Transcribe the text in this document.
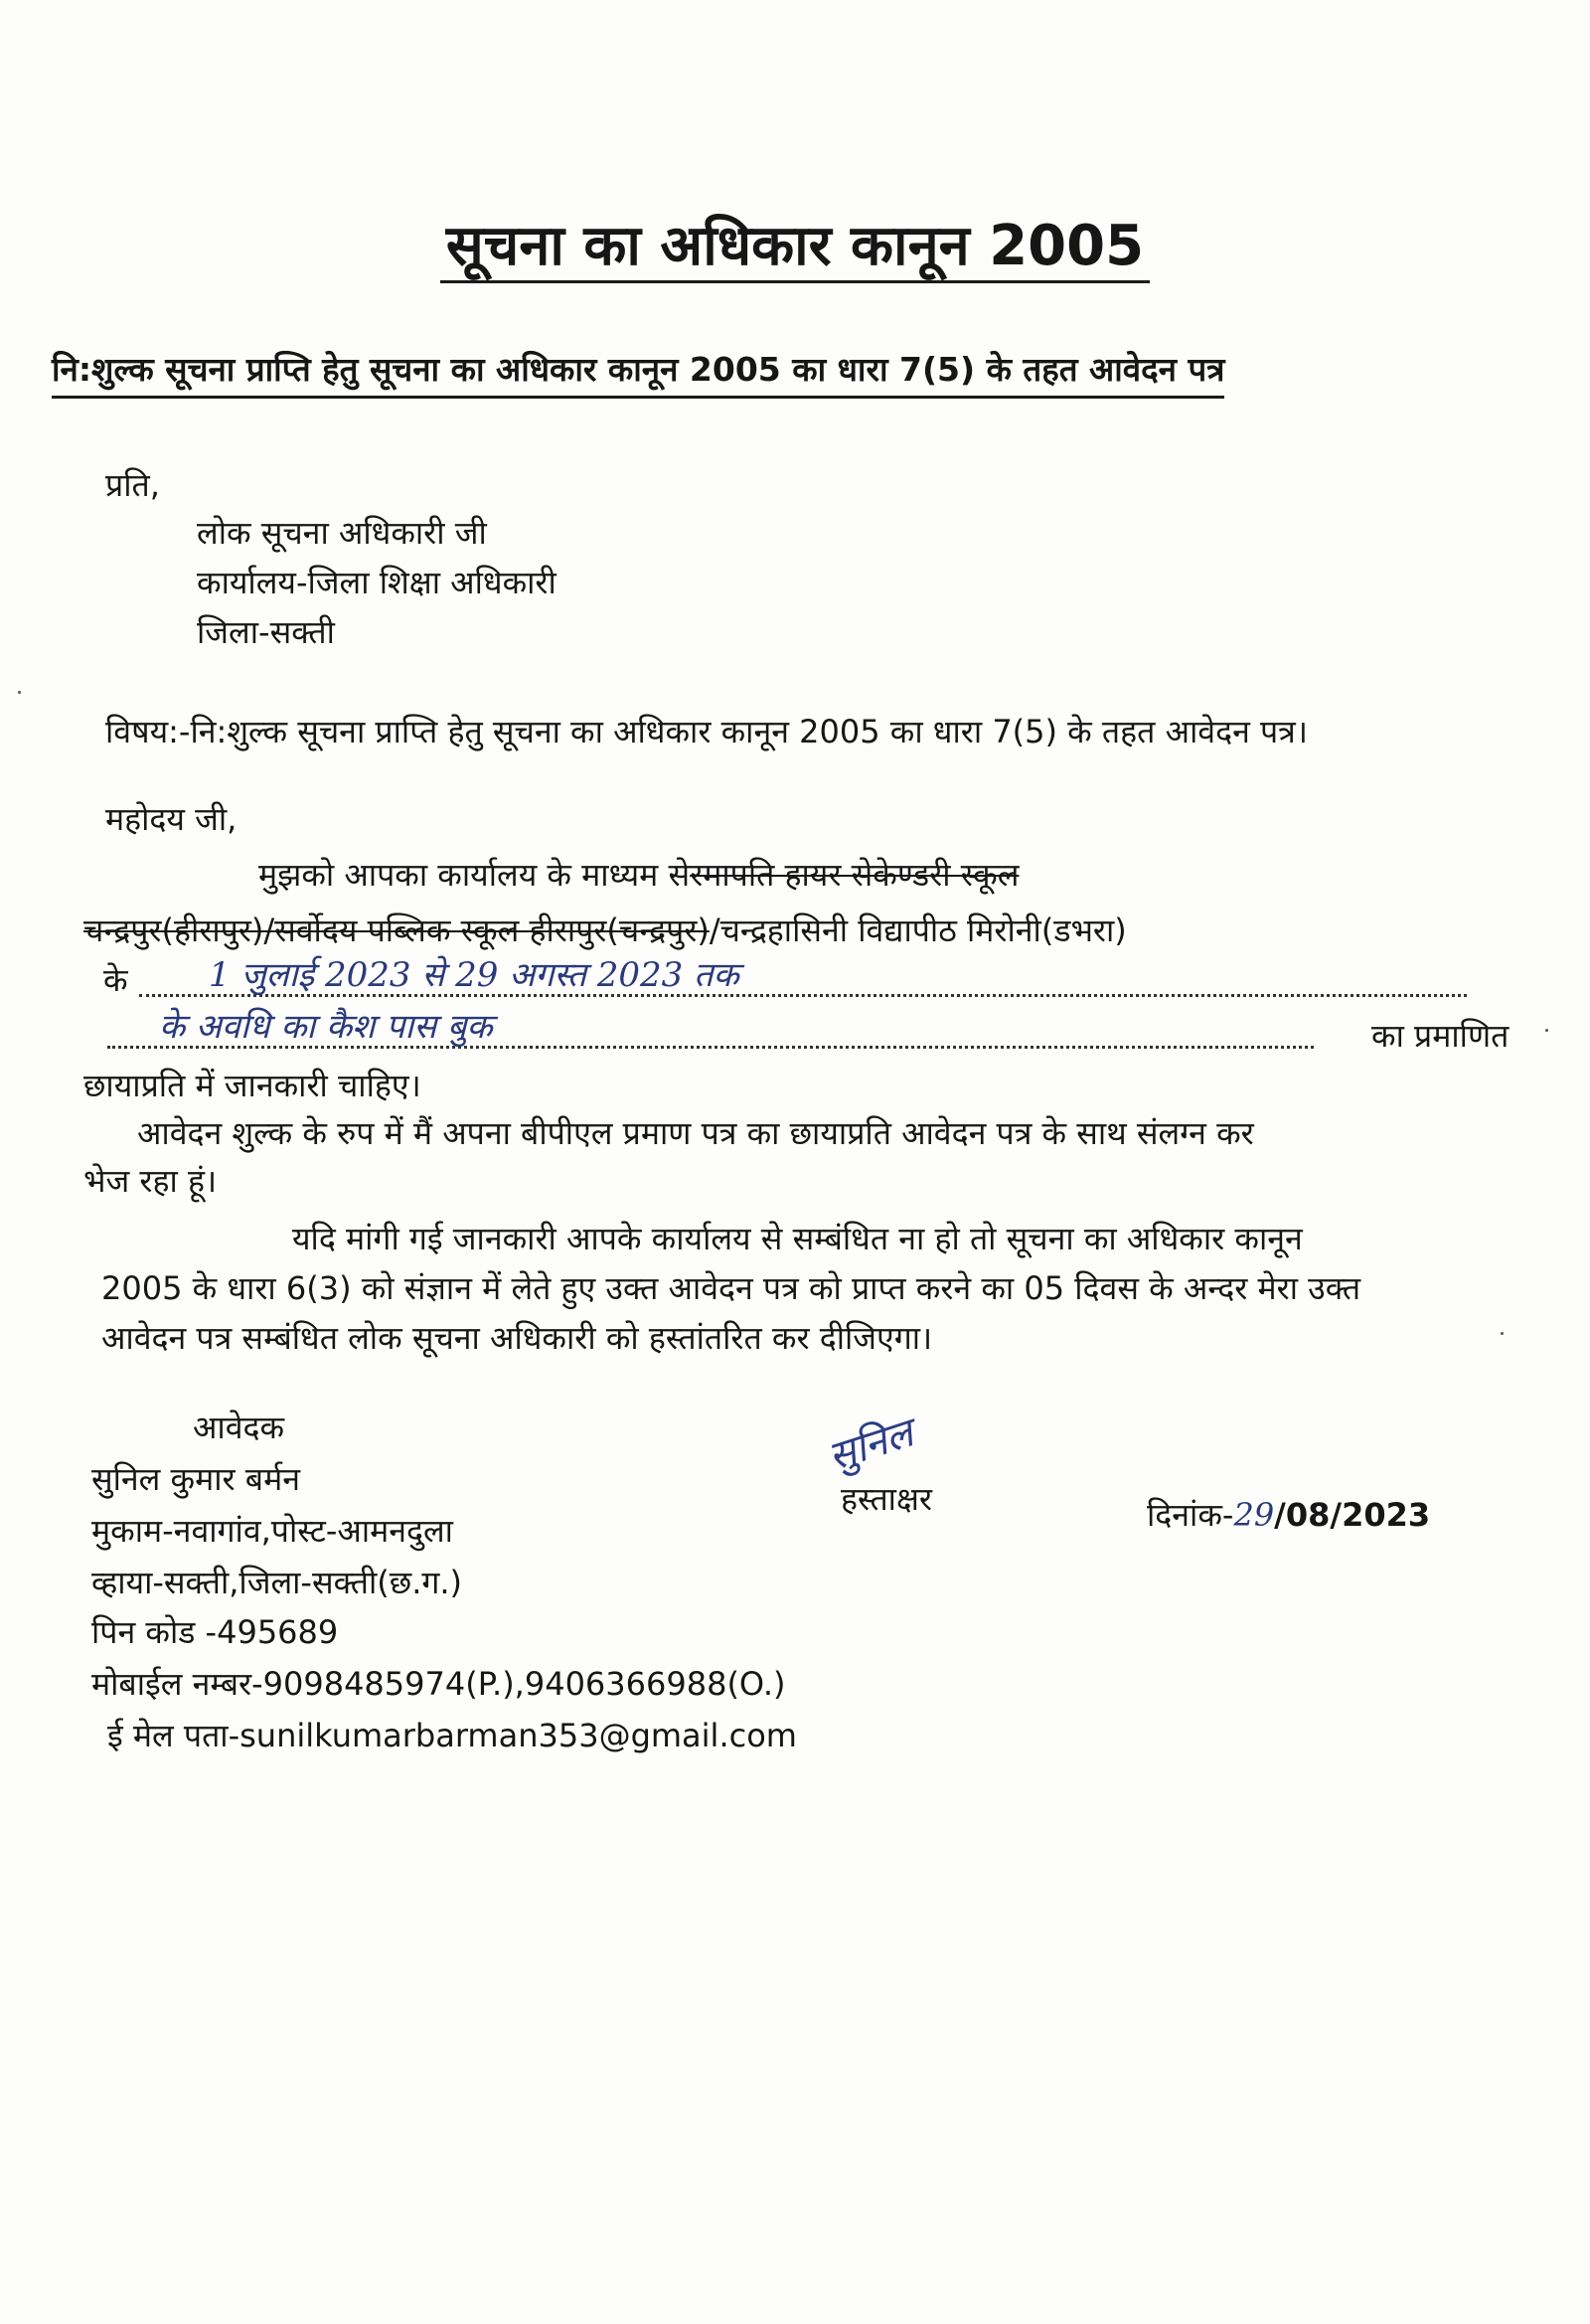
सूचना का अधिकार कानून 2005
नि:शुल्क सूचना प्राप्ति हेतु सूचना का अधिकार कानून 2005 का धारा 7(5) के तहत आवेदन पत्र
प्रति,
लोक सूचना अधिकारी जी
कार्यालय-जिला शिक्षा अधिकारी
जिला-सक्ती
विषय:-नि:शुल्क सूचना प्राप्ति हेतु सूचना का अधिकार कानून 2005 का धारा 7(5) के तहत आवेदन पत्र।
महोदय जी,
मुझको आपका कार्यालय के माध्यम सेरमापति हायर सेकेण्डरी स्कूल
चन्द्रपुर(हीरापुर)/सर्वोदय पब्लिक स्कूल हीरापुर(चन्द्रपुर)/चन्द्रहासिनी विद्यापीठ मिरोनी(डभरा)
के 1 जुलाई 2023 से 29 अगस्त 2023 तक
के अवधि का कैश पास बुक	का प्रमाणित
छायाप्रति में जानकारी चाहिए।
आवेदन शुल्क के रुप में मैं अपना बीपीएल प्रमाण पत्र का छायाप्रति आवेदन पत्र के साथ संलग्न कर
भेज रहा हूं।
यदि मांगी गई जानकारी आपके कार्यालय से सम्बंधित ना हो तो सूचना का अधिकार कानून
2005 के धारा 6(3) को संज्ञान में लेते हुए उक्त आवेदन पत्र को प्राप्त करने का 05 दिवस के अन्दर मेरा उक्त
आवेदन पत्र सम्बंधित लोक सूचना अधिकारी को हस्तांतरित कर दीजिएगा।
आवेदक
सुनिल कुमार बर्मन
मुकाम-नवागांव,पोस्ट-आमनदुला
व्हाया-सक्ती,जिला-सक्ती(छ.ग.)
पिन कोड -495689
मोबाईल नम्बर-9098485974(P.),9406366988(O.)
ई मेल पता-sunilkumarbarman353@gmail.com
सुनिल
हस्ताक्षर	दिनांक-29/08/2023
